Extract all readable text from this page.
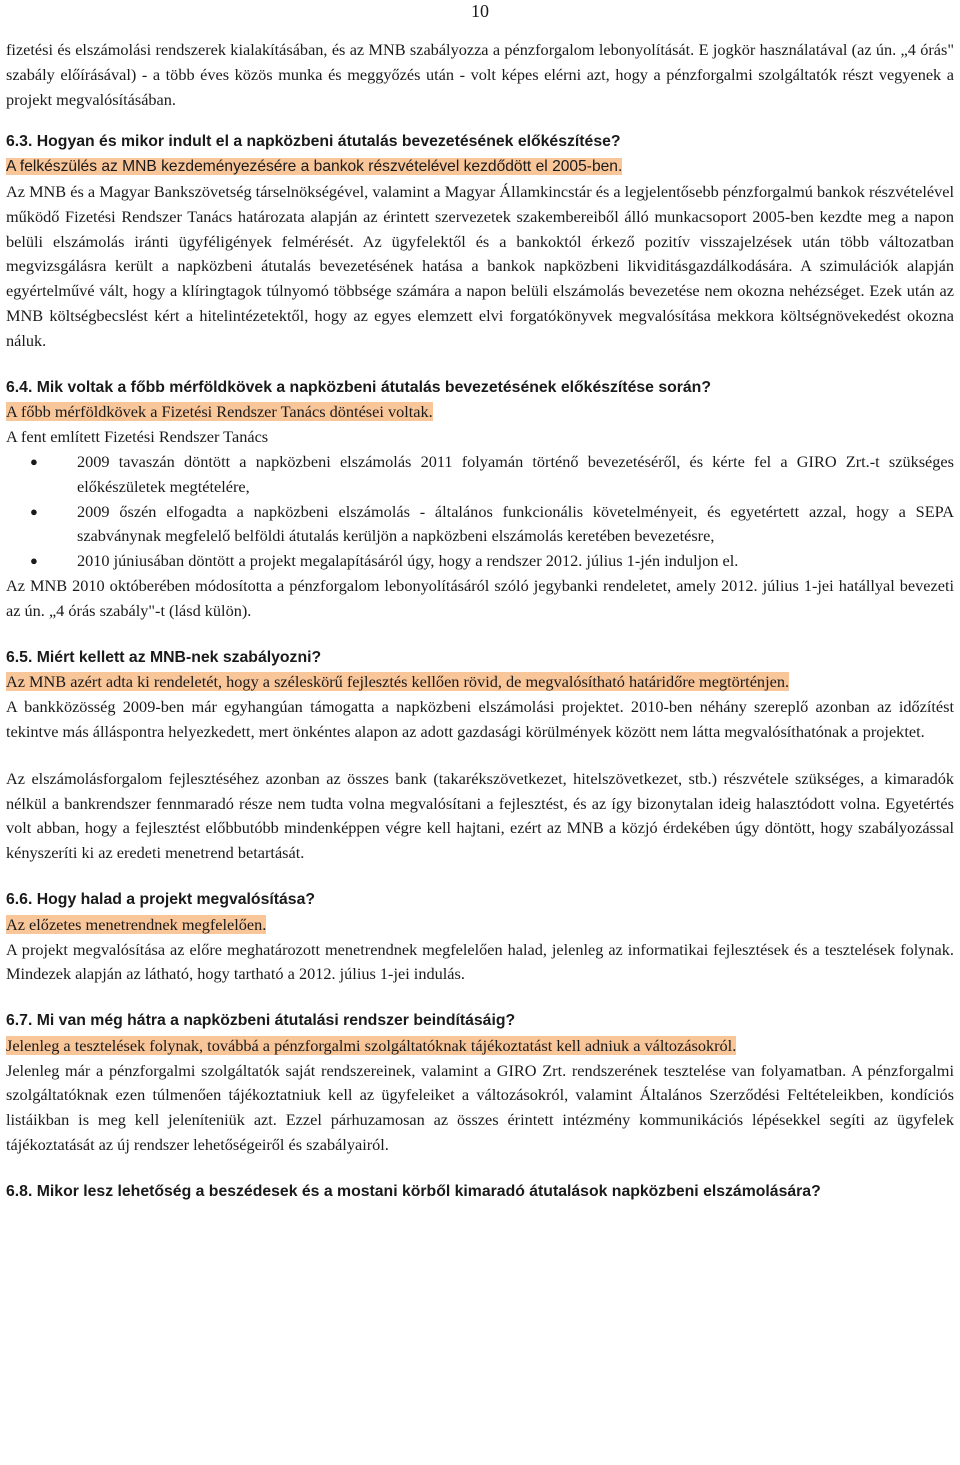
10

fizetési és elszámolási rendszerek kialakításában, és az MNB szabályozza a pénzforgalom lebonyolítását. E jogkör használatával (az ún. „4 órás" szabály előírásával) - a több éves közös munka és meggyőzés után - volt képes elérni azt, hogy a pénzforgalmi szolgáltatók részt vegyenek a projekt megvalósításában.

6.3. Hogyan és mikor indult el a napközbeni átutalás bevezetésének előkészítése?

A felkészülés az MNB kezdeményezésére a bankok részvételével kezdődött el 2005-ben.

Az MNB és a Magyar Bankszövetség társelnökségével, valamint a Magyar Államkincstár és a legjelentősebb pénzforgalmú bankok részvételével működő Fizetési Rendszer Tanács határozata alapján az érintett szervezetek szakembereiből álló munkacsoport 2005-ben kezdte meg a napon belüli elszámolás iránti ügyféligények felmérését. Az ügyfelektől és a bankoktól érkező pozitív visszajelzések után több változatban megvizsgálásra került a napközbeni átutalás bevezetésének hatása a bankok napközbeni likviditásgazdálkodására. A szimulációk alapján egyértelművé vált, hogy a klíringtagok túlnyomó többsége számára a napon belüli elszámolás bevezetése nem okozna nehézséget. Ezek után az MNB költségbecslést kért a hitelintézetektől, hogy az egyes elemzett elvi forgatókönyvek megvalósítása mekkora költségnövekedést okozna náluk.

6.4. Mik voltak a főbb mérföldkövek a napközbeni átutalás bevezetésének előkészítése során?

A főbb mérföldkövek a Fizetési Rendszer Tanács döntései voltak.

A fent említett Fizetési Rendszer Tanács

● 2009 tavaszán döntött a napközbeni elszámolás 2011 folyamán történő bevezetéséről, és kérte fel a GIRO Zrt.-t szükséges előkészületek megtételére,
● 2009 őszén elfogadta a napközbeni elszámolás - általános funkcionális követelményeit, és egyetértett azzal, hogy a SEPA szabványnak megfelelő belföldi átutalás kerüljön a napközbeni elszámolás keretében bevezetésre,
● 2010 júniusában döntött a projekt megalapításáról úgy, hogy a rendszer 2012. július 1-jén induljon el.

Az MNB 2010 októberében módosította a pénzforgalom lebonyolításáról szóló jegybanki rendeletet, amely 2012. július 1-jei hatállyal bevezeti az ún. „4 órás szabály"-t (lásd külön).

6.5. Miért kellett az MNB-nek szabályozni?

Az MNB azért adta ki rendeletét, hogy a széleskörű fejlesztés kellően rövid, de megvalósítható határidőre megtörténjen.

A bankközösség 2009-ben már egyhangúan támogatta a napközbeni elszámolási projektet. 2010-ben néhány szereplő azonban az időzítést tekintve más álláspontra helyezkedett, mert önkéntes alapon az adott gazdasági körülmények között nem látta megvalósíthatónak a projektet.

Az elszámolásforgalom fejlesztéséhez azonban az összes bank (takarékszövetkezet, hitelszövetkezet, stb.) részvétele szükséges, a kimaradók nélkül a bankrendszer fennmaradó része nem tudta volna megvalósítani a fejlesztést, és az így bizonytalan ideig halasztódott volna. Egyetértés volt abban, hogy a fejlesztést előbbutóbb mindenképpen végre kell hajtani, ezért az MNB a közjó érdekében úgy döntött, hogy szabályozással kényszeríti ki az eredeti menetrend betartását.

6.6. Hogy halad a projekt megvalósítása?

Az előzetes menetrendnek megfelelően.

A projekt megvalósítása az előre meghatározott menetrendnek megfelelően halad, jelenleg az informatikai fejlesztések és a tesztelések folynak. Mindezek alapján az látható, hogy tartható a 2012. július 1-jei indulás.

6.7. Mi van még hátra a napközbeni átutalási rendszer beindításáig?

Jelenleg a tesztelések folynak, továbbá a pénzforgalmi szolgáltatóknak tájékoztatást kell adniuk a változásokról.

Jelenleg már a pénzforgalmi szolgáltatók saját rendszereinek, valamint a GIRO Zrt. rendszerének tesztelése van folyamatban. A pénzforgalmi szolgáltatóknak ezen túlmenően tájékoztatniuk kell az ügyfeleiket a változásokról, valamint Általános Szerződési Feltételeikben, kondíciós listáikban is meg kell jeleníteniük azt. Ezzel párhuzamosan az összes érintett intézmény kommunikációs lépésekkel segíti az ügyfelek tájékoztatását az új rendszer lehetőségeiről és szabályairól.

6.8. Mikor lesz lehetőség a beszédesek és a mostani körből kimaradó átutalások napközbeni elszámolására?
